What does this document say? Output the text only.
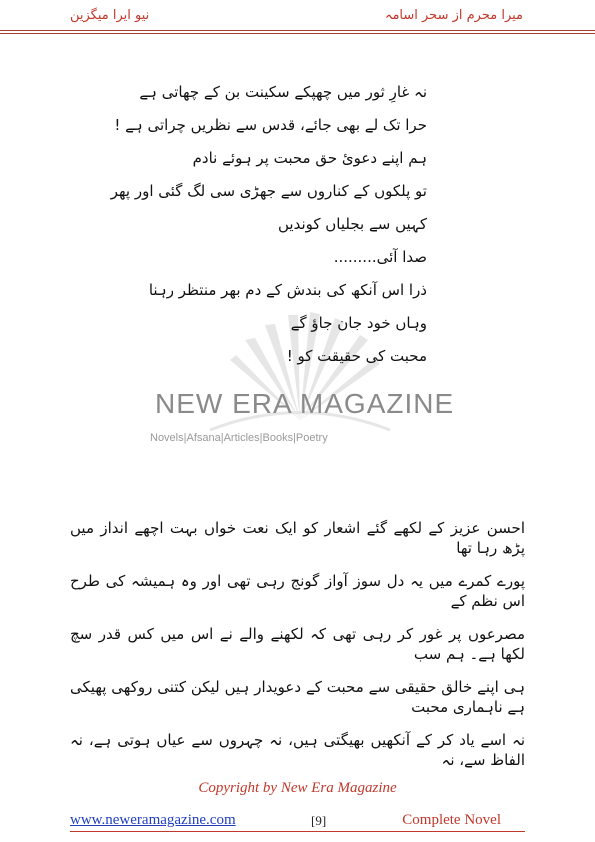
میرا محرم از سحر اسامہ
نیو ایرا میگزین
NEW ERA MAGAZINE
Novels|Afsana|Articles|Books|Poetry

نہ غارِ ثور میں چھپکے سکینت بن کے چھاتی ہے

حرا تک لے بھی جائے، قدس سے نظریں چراتی ہے !

ہم اپنے دعوئ حق محبت پر ہوئے نادم

تو پلکوں کے کناروں سے جھڑی سی لگ گئی اور پھر

کہیں سے بجلیاں کوندیں

صدا آئی.........

ذرا اس آنکھ کی بندش کے دم بھر منتظر رہنا

وہاں خود جان جاؤ گے

محبت کی حقیقت کو !

احسن عزیز کے لکھے گئے اشعار کو ایک نعت خواں بہت اچھے انداز میں پڑھ رہا تھا

پورے کمرے میں یہ دل سوز آواز گونج رہی تھی اور وہ ہمیشہ کی طرح اس نظم کے

مصرعوں پر غور کر رہی تھی کہ لکھنے والے نے اس میں کس قدر سچ لکھا ہے۔ ہم سب

ہی اپنے خالق حقیقی سے محبت کے دعویدار ہیں لیکن کتنی روکھی پھیکی ہے ناہماری محبت

نہ اسے یاد کر کے آنکھیں بھیگتی ہیں، نہ چہروں سے عیاں ہوتی ہے، نہ الفاظ سے، نہ

Copyright by New Era Magazine
www.neweramagazine.com	[9]	Complete Novel
